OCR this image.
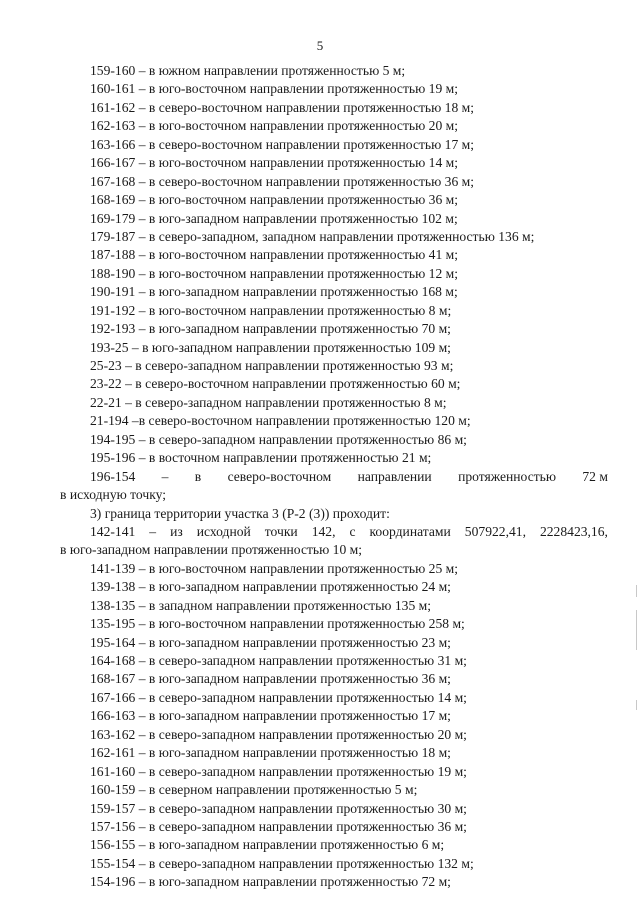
5
159-160 – в южном направлении протяженностью 5 м;
160-161 – в юго-восточном направлении протяженностью 19 м;
161-162 – в северо-восточном направлении протяженностью 18 м;
162-163 – в юго-восточном направлении протяженностью 20 м;
163-166 – в северо-восточном направлении протяженностью 17 м;
166-167 – в юго-восточном направлении протяженностью 14 м;
167-168 – в северо-восточном направлении протяженностью 36 м;
168-169 – в юго-восточном направлении протяженностью 36 м;
169-179 – в юго-западном направлении протяженностью 102 м;
179-187 – в северо-западном, западном направлении протяженностью 136 м;
187-188 – в юго-восточном направлении протяженностью 41 м;
188-190 – в юго-восточном направлении протяженностью 12 м;
190-191 – в юго-западном направлении протяженностью 168 м;
191-192 – в юго-восточном направлении протяженностью 8 м;
192-193 – в юго-западном направлении протяженностью 70 м;
193-25 – в юго-западном направлении протяженностью 109 м;
25-23 – в северо-западном направлении протяженностью 93 м;
23-22 – в северо-восточном направлении протяженностью 60 м;
22-21 – в северо-западном направлении протяженностью 8 м;
21-194 –в северо-восточном направлении протяженностью 120 м;
194-195 – в северо-западном направлении протяженностью 86 м;
195-196 – в восточном направлении протяженностью 21 м;
196-154 – в северо-восточном направлении протяженностью 72 м
в исходную точку;
3) граница территории участка 3 (Р-2 (3)) проходит:
142-141 – из исходной точки 142, с координатами 507922,41, 2228423,16,
в юго-западном направлении протяженностью 10 м;
141-139 – в юго-восточном направлении протяженностью 25 м;
139-138 – в юго-западном направлении протяженностью 24 м;
138-135 – в западном направлении протяженностью 135 м;
135-195 – в юго-восточном направлении протяженностью 258 м;
195-164 – в юго-западном направлении протяженностью 23 м;
164-168 – в северо-западном направлении протяженностью 31 м;
168-167 – в юго-западном направлении протяженностью 36 м;
167-166 – в северо-западном направлении протяженностью 14 м;
166-163 – в юго-западном направлении протяженностью 17 м;
163-162 – в северо-западном направлении протяженностью 20 м;
162-161 – в юго-западном направлении протяженностью 18 м;
161-160 – в северо-западном направлении протяженностью 19 м;
160-159 – в северном направлении протяженностью 5 м;
159-157 – в северо-западном направлении протяженностью 30 м;
157-156 – в северо-западном направлении протяженностью 36 м;
156-155 – в юго-западном направлении протяженностью 6 м;
155-154 – в северо-западном направлении протяженностью 132 м;
154-196 – в юго-западном направлении протяженностью 72 м;
